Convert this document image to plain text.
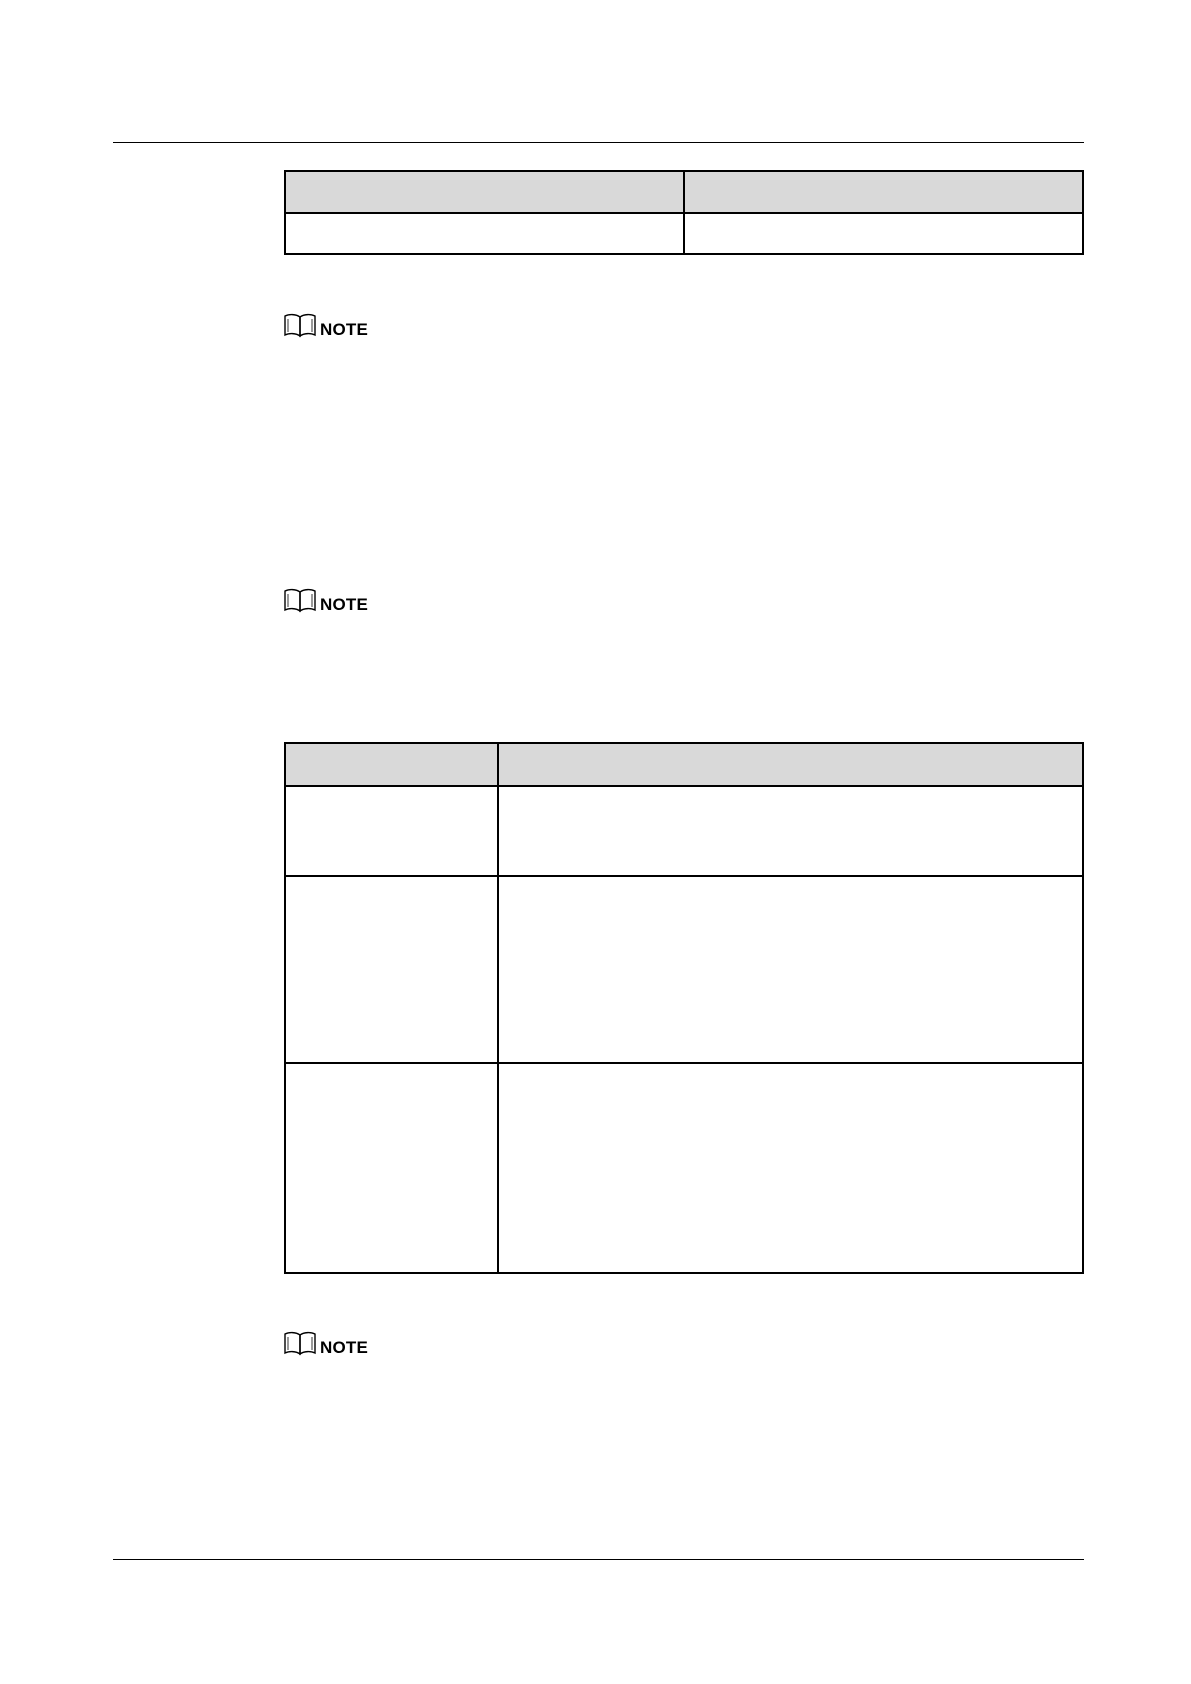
NOTE
NOTE

NOTE
